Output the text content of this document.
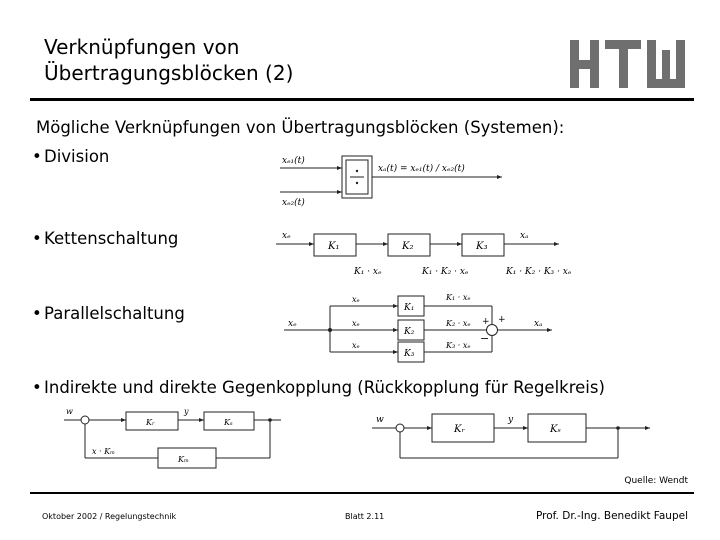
Verknüpfungen von
Übertragungsblöcken (2)
Mögliche Verknüpfungen von Übertragungsblöcken (Systemen):
• Division
• Kettenschaltung
• Parallelschaltung
• Indirekte und direkte Gegenkopplung (Rückkopplung für Regelkreis)
xₑ₁(t)
xₑ₂(t)
xₐ(t) = xₑ₁(t) / xₑ₂(t)
xₑ	xₐ
K₁	K₂	K₃
K₁ · xₑ	K₁ · K₂ · xₑ	K₁ · K₂ · K₃ · xₑ
xₑ
xₑ
xₑ
xₑ
K₁
K₂
K₃
K₁ · xₑ
K₂ · xₑ
K₃ · xₑ
+
+
−
xₐ
w	y
Kᵣ	Kₛ
Kₘ
x · Kₘ
w	y
Kᵣ	Kₛ
Quelle: Wendt
Oktober 2002 / Regelungstechnik	Blatt 2.11	Prof. Dr.-Ing. Benedikt Faupel
